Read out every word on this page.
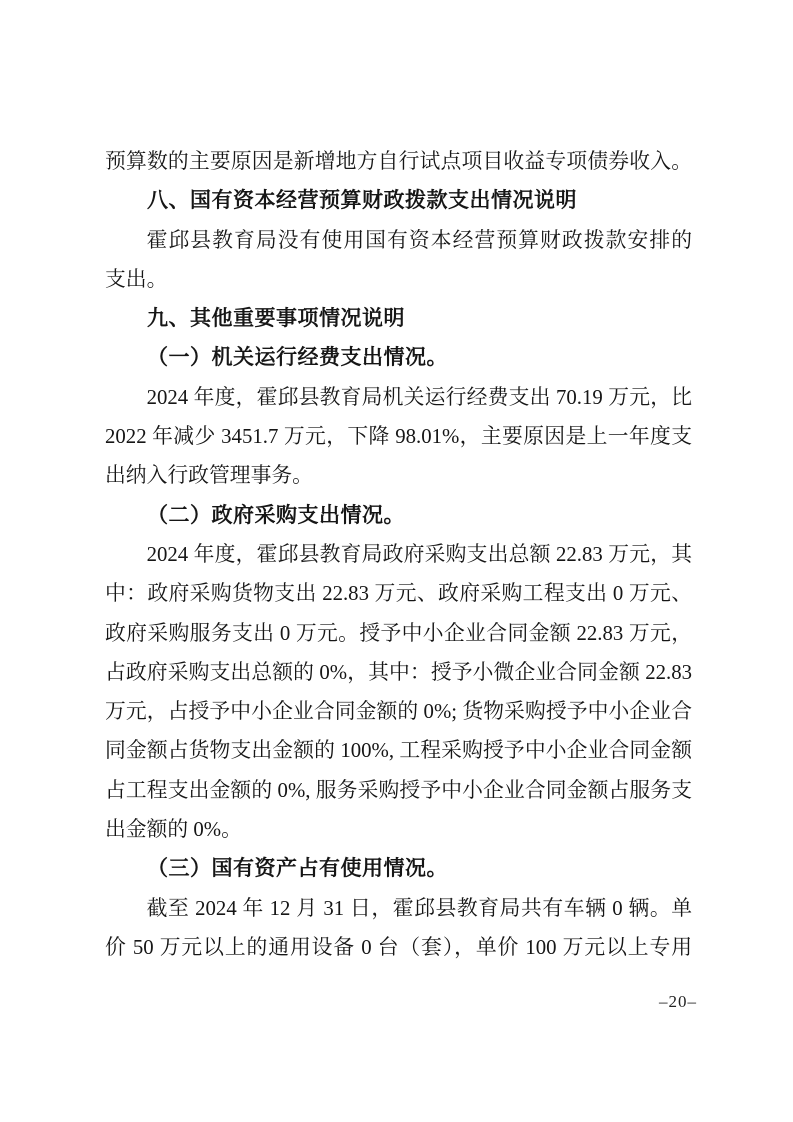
预算数的主要原因是新增地方自行试点项目收益专项债券收入。
八、国有资本经营预算财政拨款支出情况说明
霍邱县教育局没有使用国有资本经营预算财政拨款安排的
支出。
九、其他重要事项情况说明
（一）机关运行经费支出情况。
2024 年度，霍邱县教育局机关运行经费支出 70.19 万元，比
2022 年减少 3451.7 万元，下降 98.01%，主要原因是上一年度支
出纳入行政管理事务。
（二）政府采购支出情况。
2024 年度，霍邱县教育局政府采购支出总额 22.83 万元，其
中：政府采购货物支出 22.83 万元、政府采购工程支出 0 万元、
政府采购服务支出 0 万元。授予中小企业合同金额 22.83 万元，
占政府采购支出总额的 0%，其中：授予小微企业合同金额 22.83
万元，占授予中小企业合同金额的 0%; 货物采购授予中小企业合
同金额占货物支出金额的 100%, 工程采购授予中小企业合同金额
占工程支出金额的 0%, 服务采购授予中小企业合同金额占服务支
出金额的 0%。
（三）国有资产占有使用情况。
截至 2024 年 12 月 31 日，霍邱县教育局共有车辆 0 辆。单
价 50 万元以上的通用设备 0 台（套），单价 100 万元以上专用
–20–
